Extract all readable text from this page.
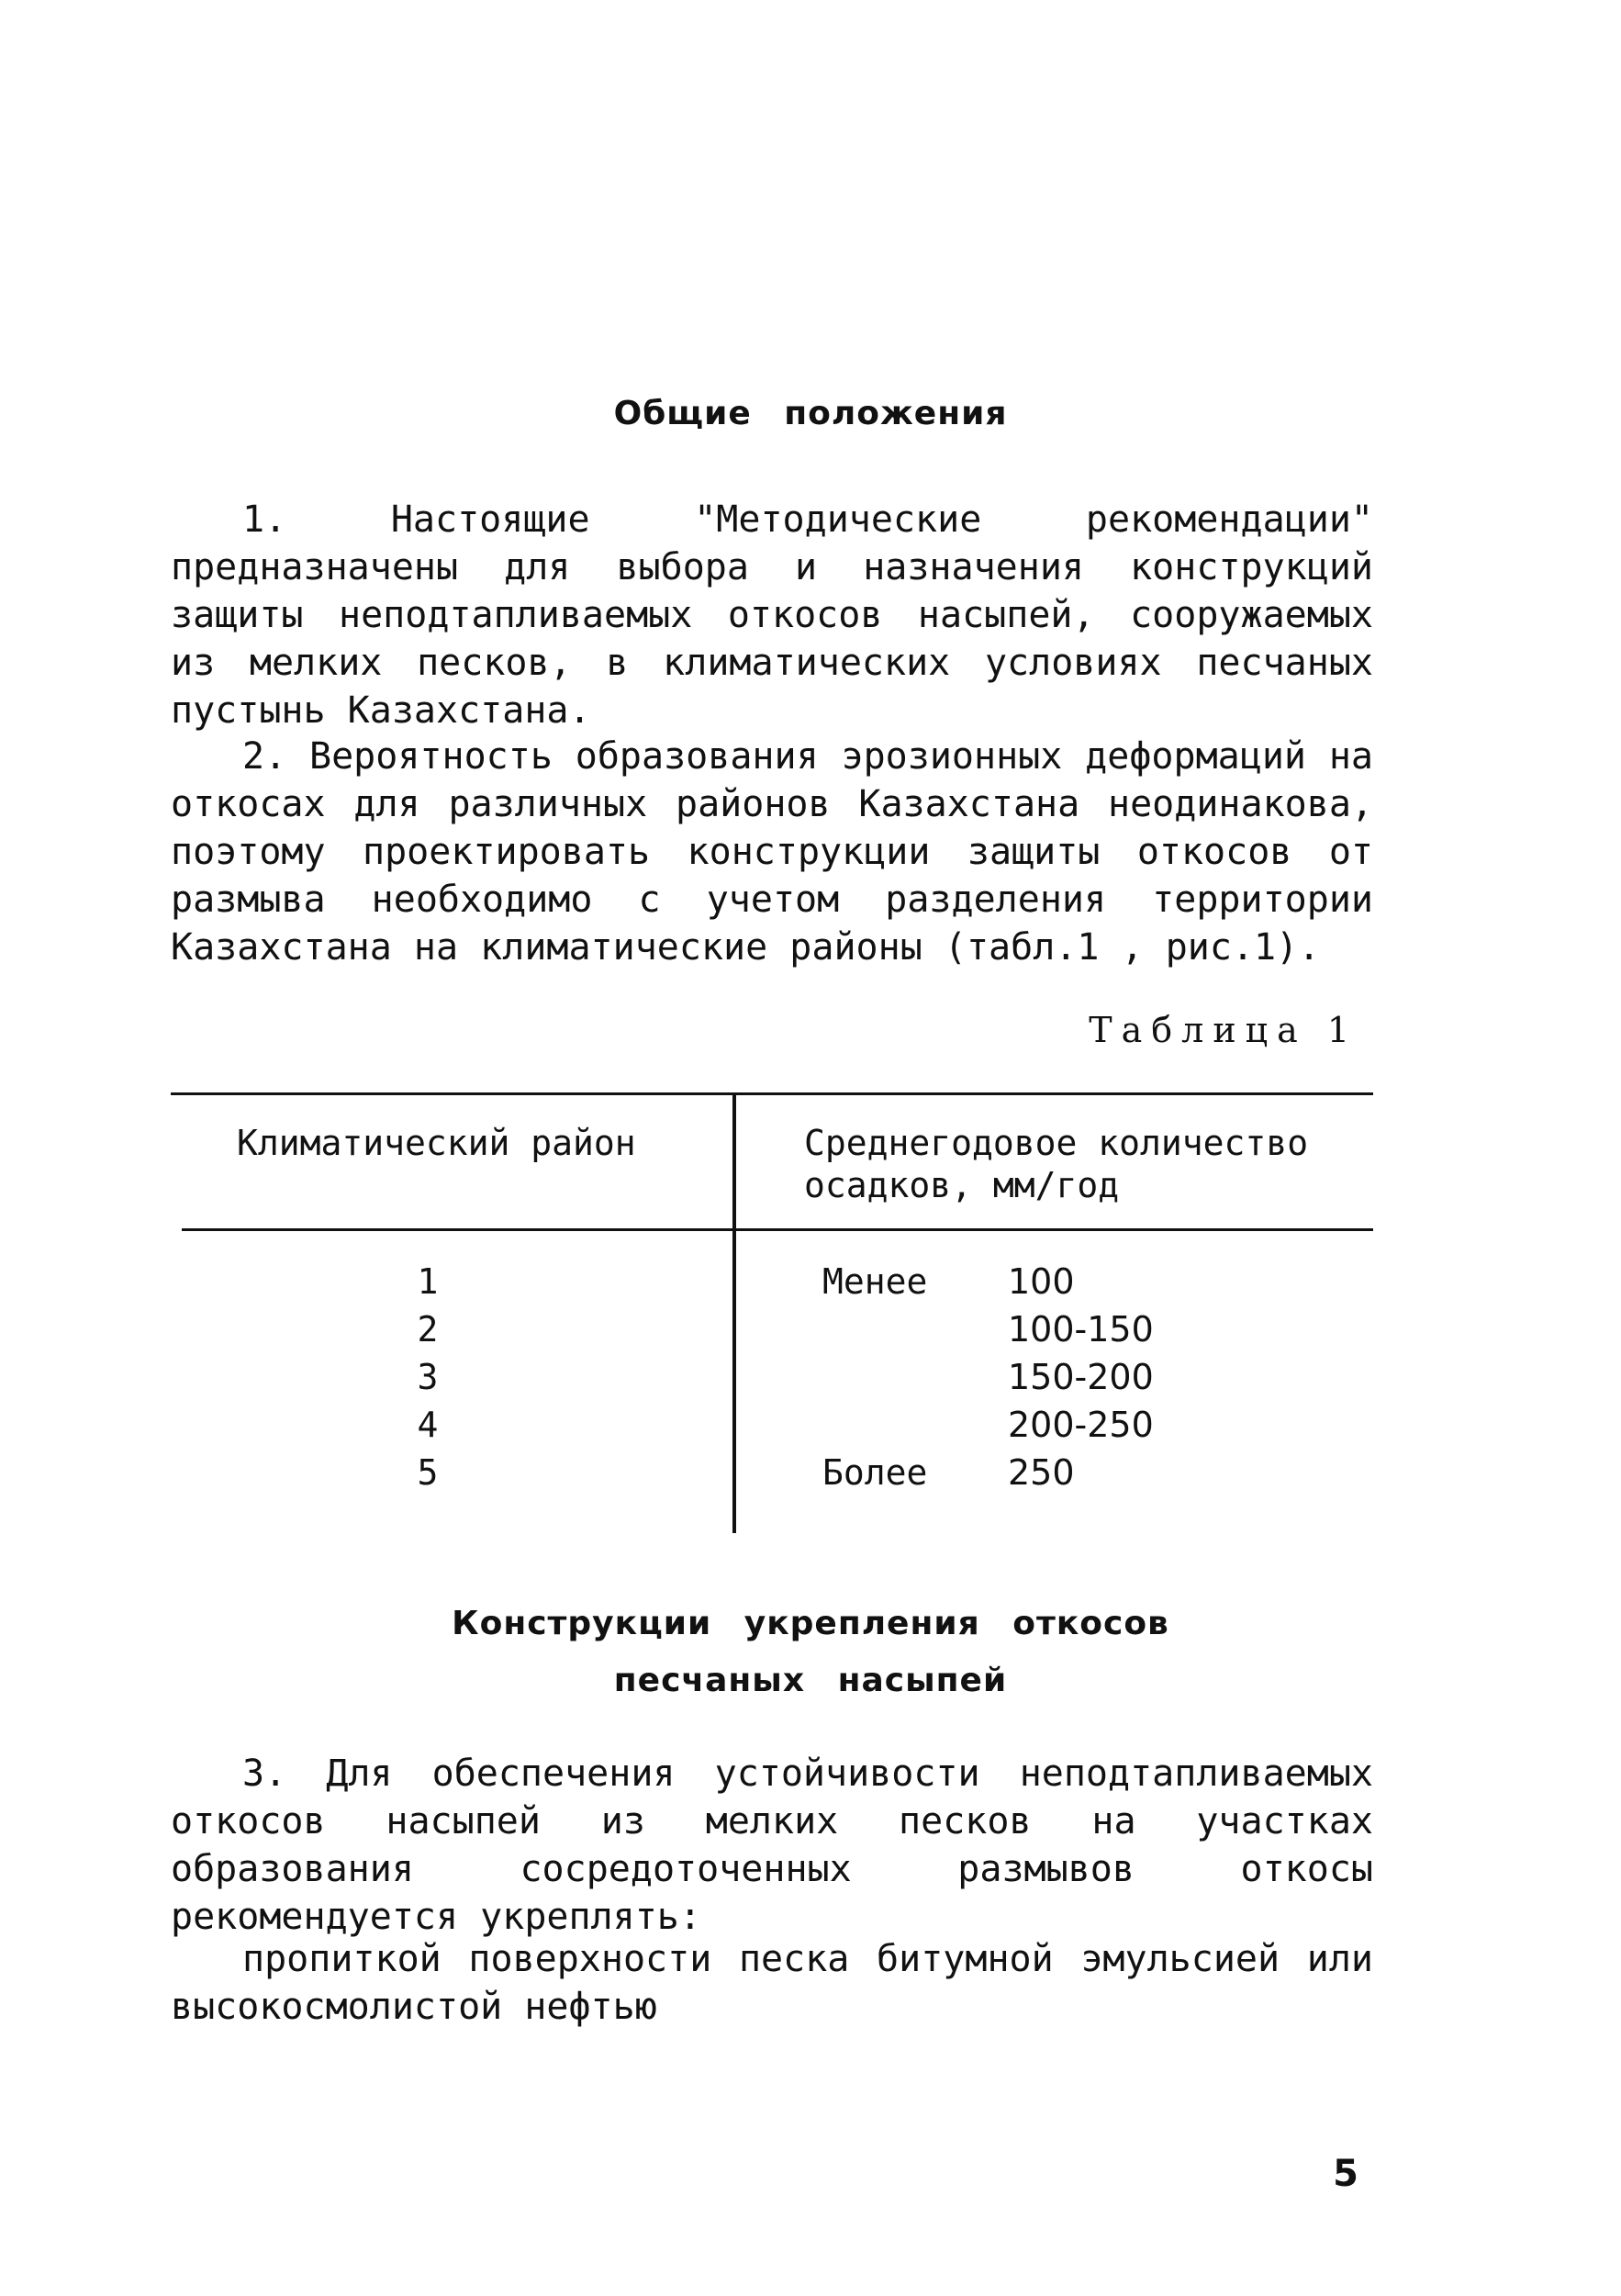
Общие положения

1. Настоящие "Методические рекомендации" предназначены для выбора и назначения конструкций защиты неподтапливаемых откосов насыпей, сооружаемых из мелких песков, в климатических условиях песчаных пустынь Казахстана.

2. Вероятность образования эрозионных деформаций на откосах для различных районов Казахстана неодинакова, поэтому проектировать конструкции защиты откосов от размыва необходимо с учетом разделения территории Казахстана на климатические районы (табл.1 , рис.1).

Таблица 1
Климатический район	Среднегодовое количество осадков, мм/год
1	Менее	100
2	100-150
3	150-200
4	200-250
5	Более	250
Конструкции укрепления откосов
песчаных насыпей

3. Для обеспечения устойчивости неподтапливаемых откосов насыпей из мелких песков на участках образования сосредоточенных размывов откосы рекомендуется укреплять:

пропиткой поверхности песка битумной эмульсией или высокосмолистой нефтью

5
